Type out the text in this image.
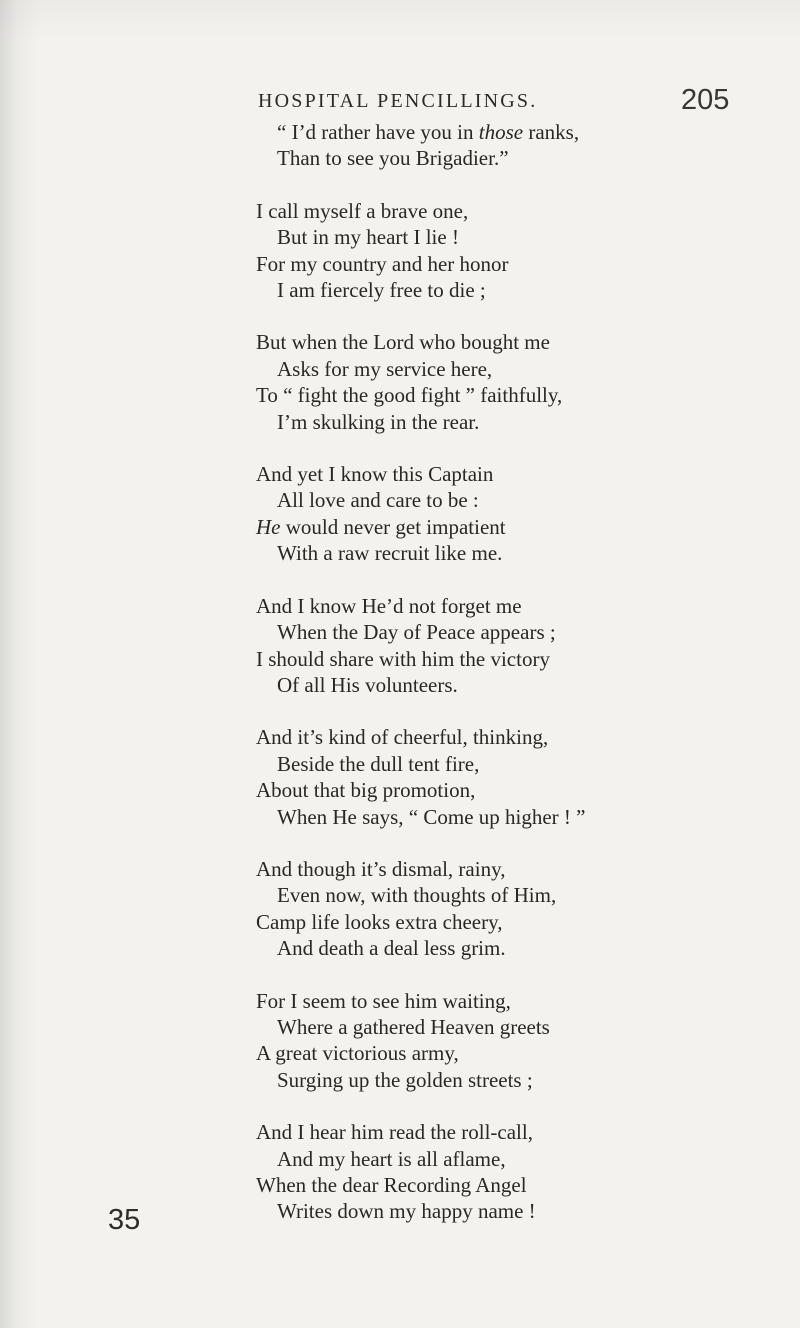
HOSPITAL PENCILLINGS.	205
“ I’d rather have you in those ranks,
Than to see you Brigadier.”
I call myself a brave one,
But in my heart I lie !
For my country and her honor
I am fiercely free to die ;
But when the Lord who bought me
Asks for my service here,
To “ fight the good fight ” faithfully,
I’m skulking in the rear.
And yet I know this Captain
All love and care to be :
He would never get impatient
With a raw recruit like me.
And I know He’d not forget me
When the Day of Peace appears ;
I should share with him the victory
Of all His volunteers.
And it’s kind of cheerful, thinking,
Beside the dull tent fire,
About that big promotion,
When He says, “ Come up higher ! ”
And though it’s dismal, rainy,
Even now, with thoughts of Him,
Camp life looks extra cheery,
And death a deal less grim.
For I seem to see him waiting,
Where a gathered Heaven greets
A great victorious army,
Surging up the golden streets ;
And I hear him read the roll-call,
And my heart is all aflame,
When the dear Recording Angel
Writes down my happy name !
35
